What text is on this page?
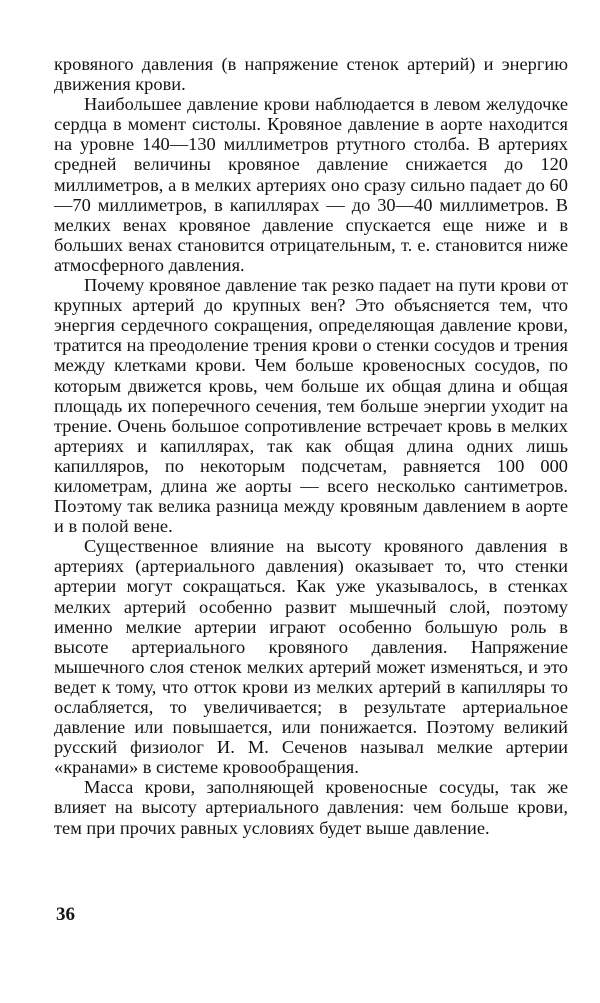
кровяного давления (в напряжение стенок артерий) и энергию движения крови.

Наибольшее давление крови наблюдается в левом желудочке сердца в момент систолы. Кровяное давление в аорте находится на уровне 140—130 миллиметров ртутного столба. В артериях средней величины кровяное давление снижается до 120 миллиметров, а в мелких артериях оно сразу сильно падает до 60—70 миллиметров, в капиллярах — до 30—40 миллиметров. В мелких венах кровяное давление спускается еще ниже и в больших венах становится отрицательным, т. е. становится ниже атмосферного давления.

Почему кровяное давление так резко падает на пути крови от крупных артерий до крупных вен? Это объясняется тем, что энергия сердечного сокращения, определяющая давление крови, тратится на преодоление трения крови о стенки сосудов и трения между клетками крови. Чем больше кровеносных сосудов, по которым движется кровь, чем больше их общая длина и общая площадь их поперечного сечения, тем больше энергии уходит на трение. Очень большое сопротивление встречает кровь в мелких артериях и капиллярах, так как общая длина одних лишь капилляров, по некоторым подсчетам, равняется 100 000 километрам, длина же аорты — всего несколько сантиметров. Поэтому так велика разница между кровяным давлением в аорте и в полой вене.

Существенное влияние на высоту кровяного давления в артериях (артериального давления) оказывает то, что стенки артерии могут сокращаться. Как уже указывалось, в стенках мелких артерий особенно развит мышечный слой, поэтому именно мелкие артерии играют особенно большую роль в высоте артериального кровяного давления. Напряжение мышечного слоя стенок мелких артерий может изменяться, и это ведет к тому, что отток крови из мелких артерий в капилляры то ослабляется, то увеличивается; в результате артериальное давление или повышается, или понижается. Поэтому великий русский физиолог И. М. Сеченов называл мелкие артерии «кранами» в системе кровообращения.

Масса крови, заполняющей кровеносные сосуды, так же влияет на высоту артериального давления: чем больше крови, тем при прочих равных условиях будет выше давление.

36
